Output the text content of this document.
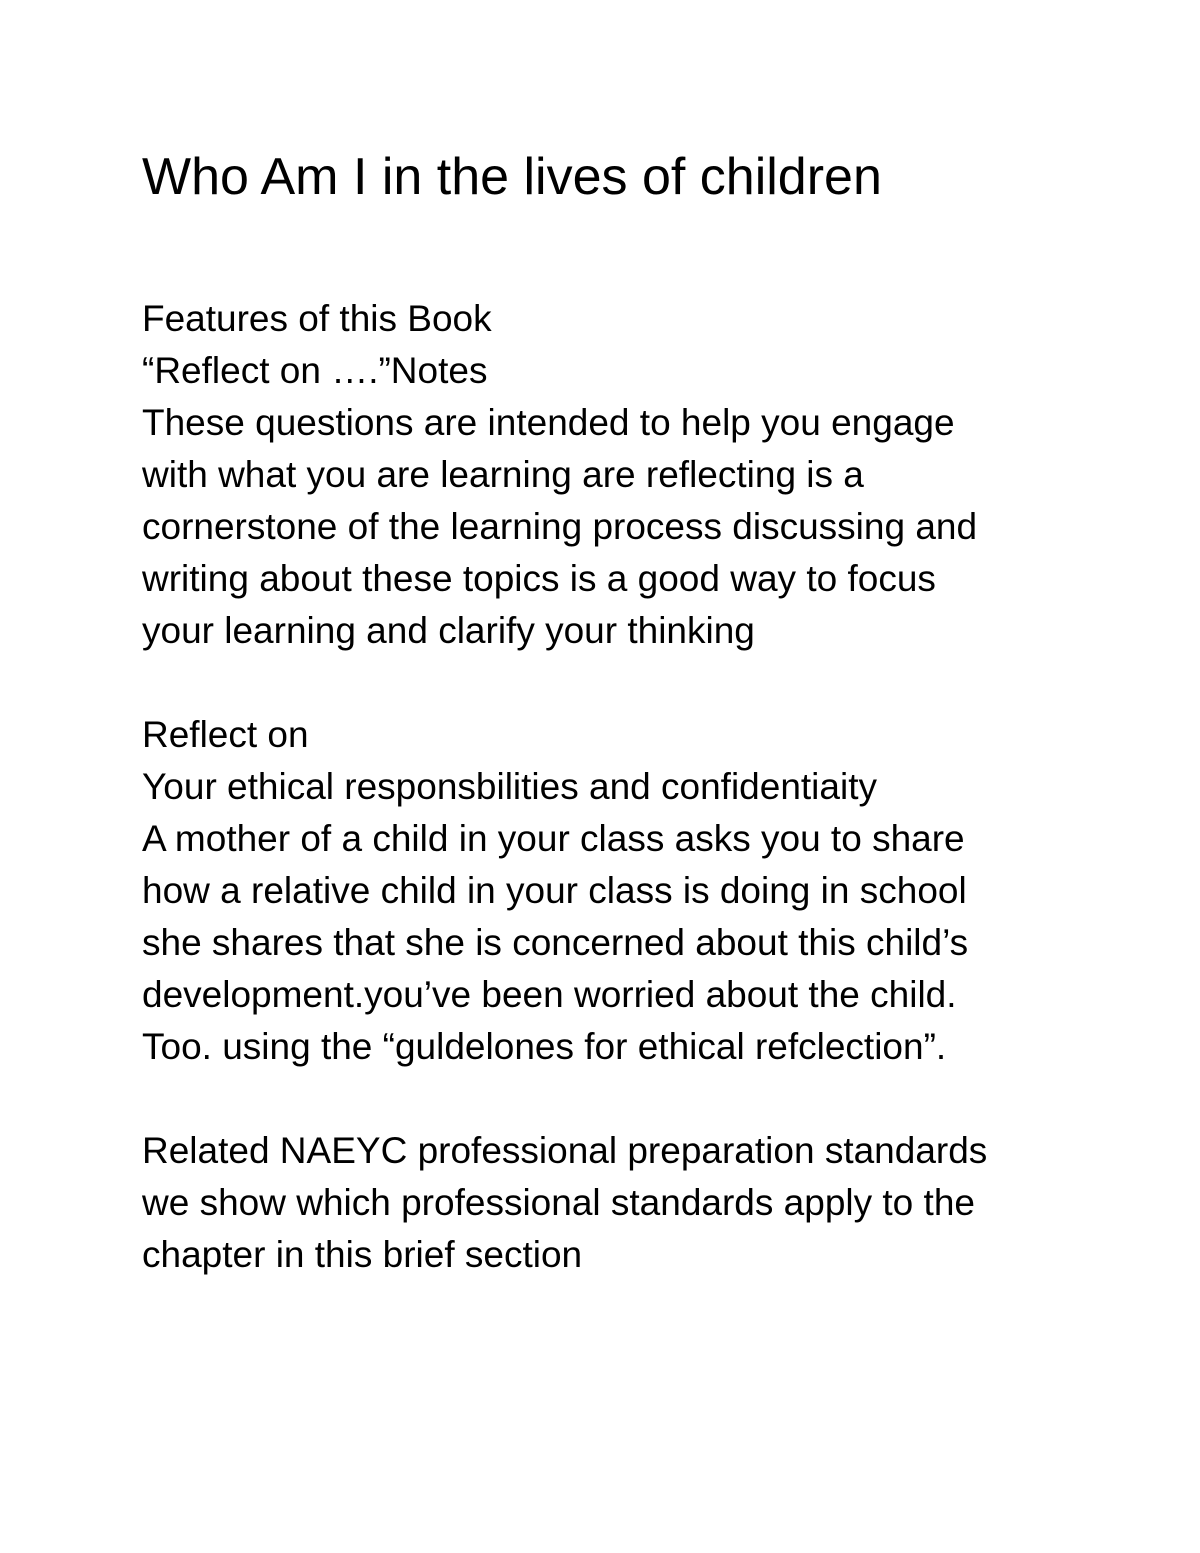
Who Am I in the lives of children
Features of this Book
“Reflect on ….”Notes
These questions are intended to help you engage
with what you are learning are reflecting is a
cornerstone of the learning process discussing and
writing about these topics is a good way to focus
your learning and clarify your thinking
Reflect on
Your ethical responsbilities and confidentiaity
A mother of a child in your class asks you to share
how a relative child in your class is doing in school
she shares that she is concerned about this child’s
development.you’ve been worried about the child.
Too. using the “guldelones for ethical refclection”.
Related NAEYC professional preparation standards
we show which professional standards apply to the
chapter in this brief section
